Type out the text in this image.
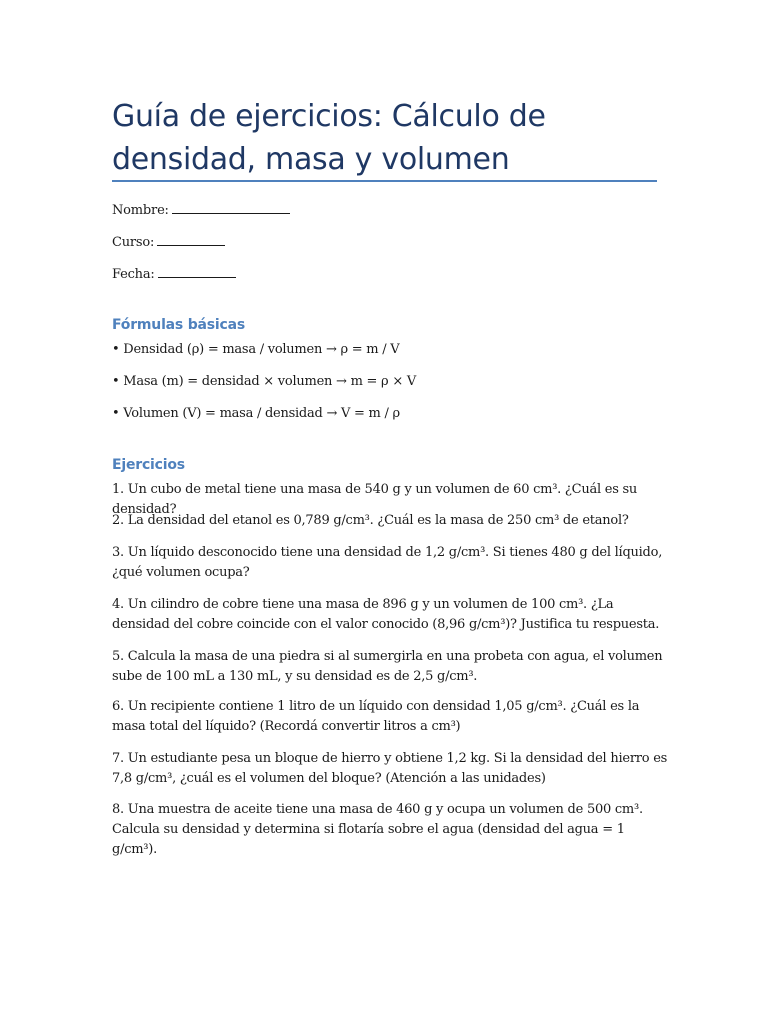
Guía de ejercicios: Cálculo de densidad, masa y volumen
Nombre:
Curso:
Fecha:
Fórmulas básicas

• Densidad (ρ) = masa / volumen → ρ = m / V

• Masa (m) = densidad × volumen → m = ρ × V

• Volumen (V) = masa / densidad → V = m / ρ

Ejercicios

1. Un cubo de metal tiene una masa de 540 g y un volumen de 60 cm³. ¿Cuál es su densidad?

2. La densidad del etanol es 0,789 g/cm³. ¿Cuál es la masa de 250 cm³ de etanol?

3. Un líquido desconocido tiene una densidad de 1,2 g/cm³. Si tienes 480 g del líquido, ¿qué volumen ocupa?

4. Un cilindro de cobre tiene una masa de 896 g y un volumen de 100 cm³. ¿La densidad del cobre coincide con el valor conocido (8,96 g/cm³)? Justifica tu respuesta.

5. Calcula la masa de una piedra si al sumergirla en una probeta con agua, el volumen sube de 100 mL a 130 mL, y su densidad es de 2,5 g/cm³.

6. Un recipiente contiene 1 litro de un líquido con densidad 1,05 g/cm³. ¿Cuál es la masa total del líquido? (Recordá convertir litros a cm³)

7. Un estudiante pesa un bloque de hierro y obtiene 1,2 kg. Si la densidad del hierro es 7,8 g/cm³, ¿cuál es el volumen del bloque? (Atención a las unidades)

8. Una muestra de aceite tiene una masa de 460 g y ocupa un volumen de 500 cm³. Calcula su densidad y determina si flotaría sobre el agua (densidad del agua = 1 g/cm³).
